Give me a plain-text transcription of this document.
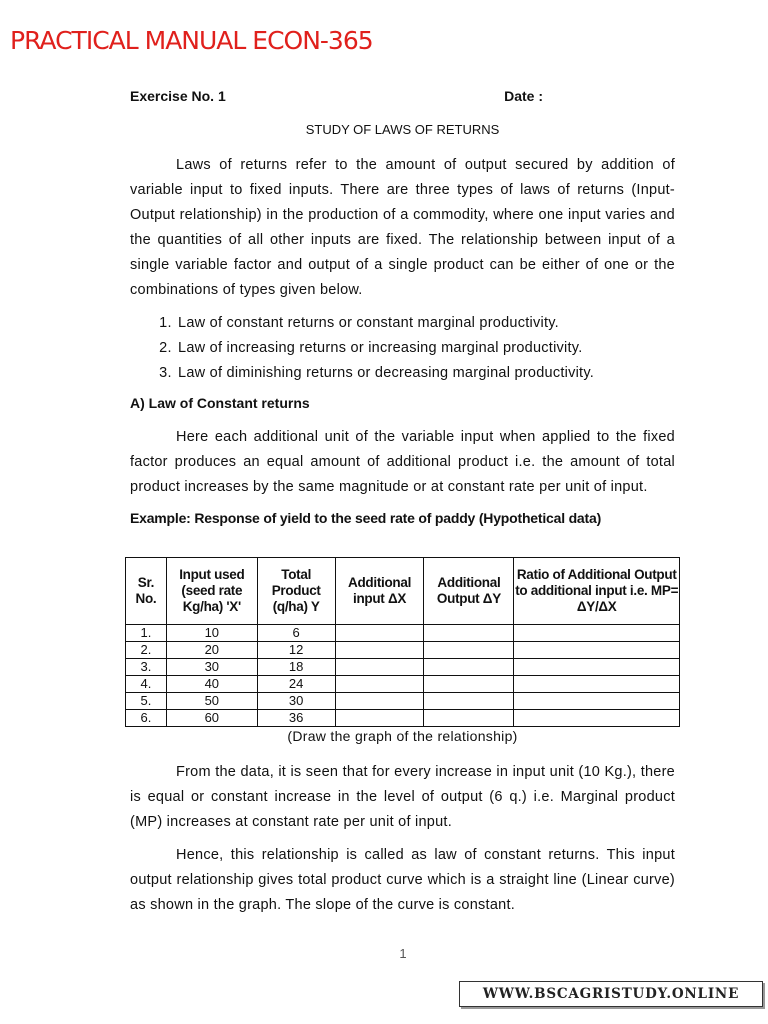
PRACTICAL MANUAL ECON-365
Exercise No. 1	Date :
STUDY OF LAWS OF RETURNS

Laws of returns refer to the amount of output secured by addition of variable input to fixed inputs. There are three types of laws of returns (Input-Output relationship) in the production of a commodity, where one input varies and the quantities of all other inputs are fixed. The relationship between input of a single variable factor and output of a single product can be either of one or the combinations of types given below.

1. Law of constant returns or constant marginal productivity.
2. Law of increasing returns or increasing marginal productivity.
3. Law of diminishing returns or decreasing marginal productivity.
A) Law of Constant returns

Here each additional unit of the variable input when applied to the fixed factor produces an equal amount of additional product i.e. the amount of total product increases by the same magnitude or at constant rate per unit of input.

Example: Response of yield to the seed rate of paddy (Hypothetical data)
Sr. No.	Input used (seed rate Kg/ha) 'X'	Total Product (q/ha) Y	Additional input ΔX	Additional Output ΔY	Ratio of Additional Output to additional input i.e. MP= ΔY/ΔX
1.	10	6			
2.	20	12			
3.	30	18			
4.	40	24			
5.	50	30			
6.	60	36			
(Draw the graph of the relationship)

From the data, it is seen that for every increase in input unit (10 Kg.), there is equal or constant increase in the level of output (6 q.) i.e. Marginal product (MP) increases at constant rate per unit of input.

Hence, this relationship is called as law of constant returns. This input output relationship gives total product curve which is a straight line (Linear curve) as shown in the graph. The slope of the curve is constant.

1
WWW.BSCAGRISTUDY.ONLINE
